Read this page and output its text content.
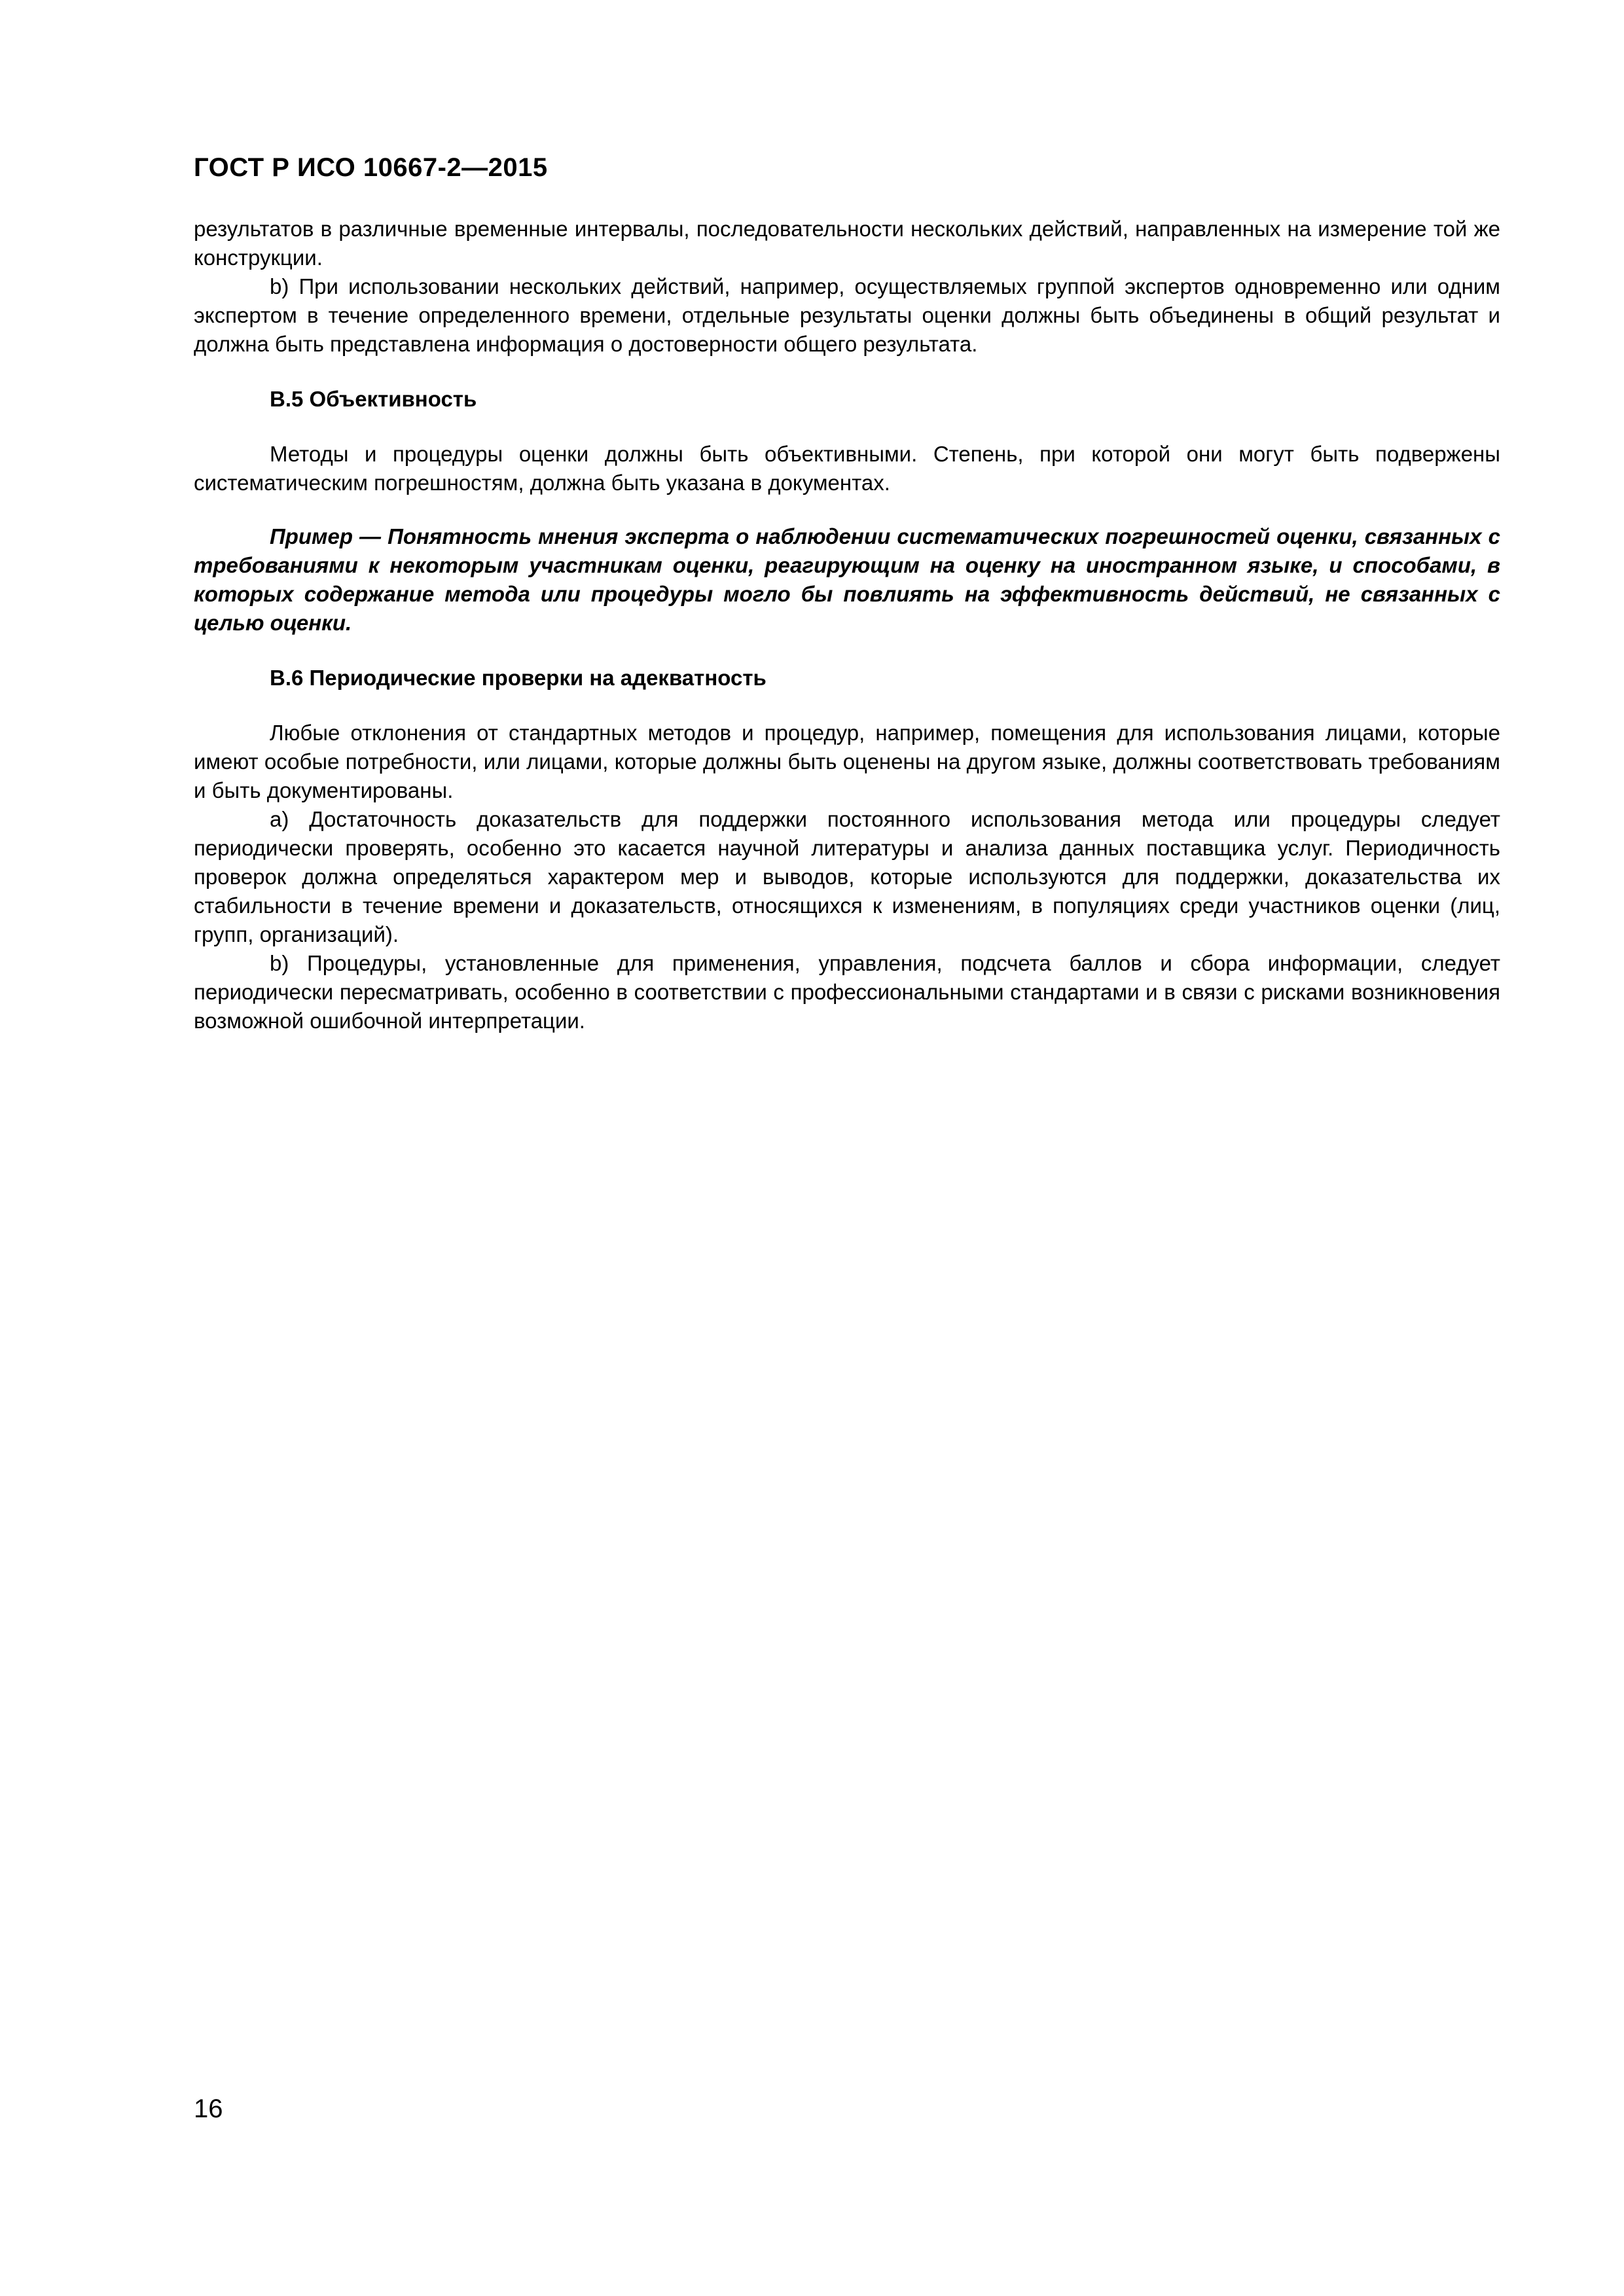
ГОСТ Р ИСО 10667-2—2015

результатов в различные временные интервалы, последовательности нескольких действий, направленных на измерение той же конструкции.

b) При использовании нескольких действий, например, осуществляемых группой экспертов одновременно или одним экспертом в течение определенного времени, отдельные результаты оценки должны быть объединены в общий результат и должна быть представлена информация о достоверности общего результата.

В.5 Объективность

Методы и процедуры оценки должны быть объективными. Степень, при которой они могут быть подвержены систематическим погрешностям, должна быть указана в документах.

Пример — Понятность мнения эксперта о наблюдении систематических погрешностей оценки, связанных с требованиями к некоторым участникам оценки, реагирующим на оценку на иностранном языке, и способами, в которых содержание метода или процедуры могло бы повлиять на эффективность действий, не связанных с целью оценки.

В.6 Периодические проверки на адекватность

Любые отклонения от стандартных методов и процедур, например, помещения для использования лицами, которые имеют особые потребности, или лицами, которые должны быть оценены на другом языке, должны соответствовать требованиям и быть документированы.

a) Достаточность доказательств для поддержки постоянного использования метода или процедуры следует периодически проверять, особенно это касается научной литературы и анализа данных поставщика услуг. Периодичность проверок должна определяться характером мер и выводов, которые используются для поддержки, доказательства их стабильности в течение времени и доказательств, относящихся к изменениям, в популяциях среди участников оценки (лиц, групп, организаций).

b) Процедуры, установленные для применения, управления, подсчета баллов и сбора информации, следует периодически пересматривать, особенно в соответствии с профессиональными стандартами и в связи с рисками возникновения возможной ошибочной интерпретации.

16
